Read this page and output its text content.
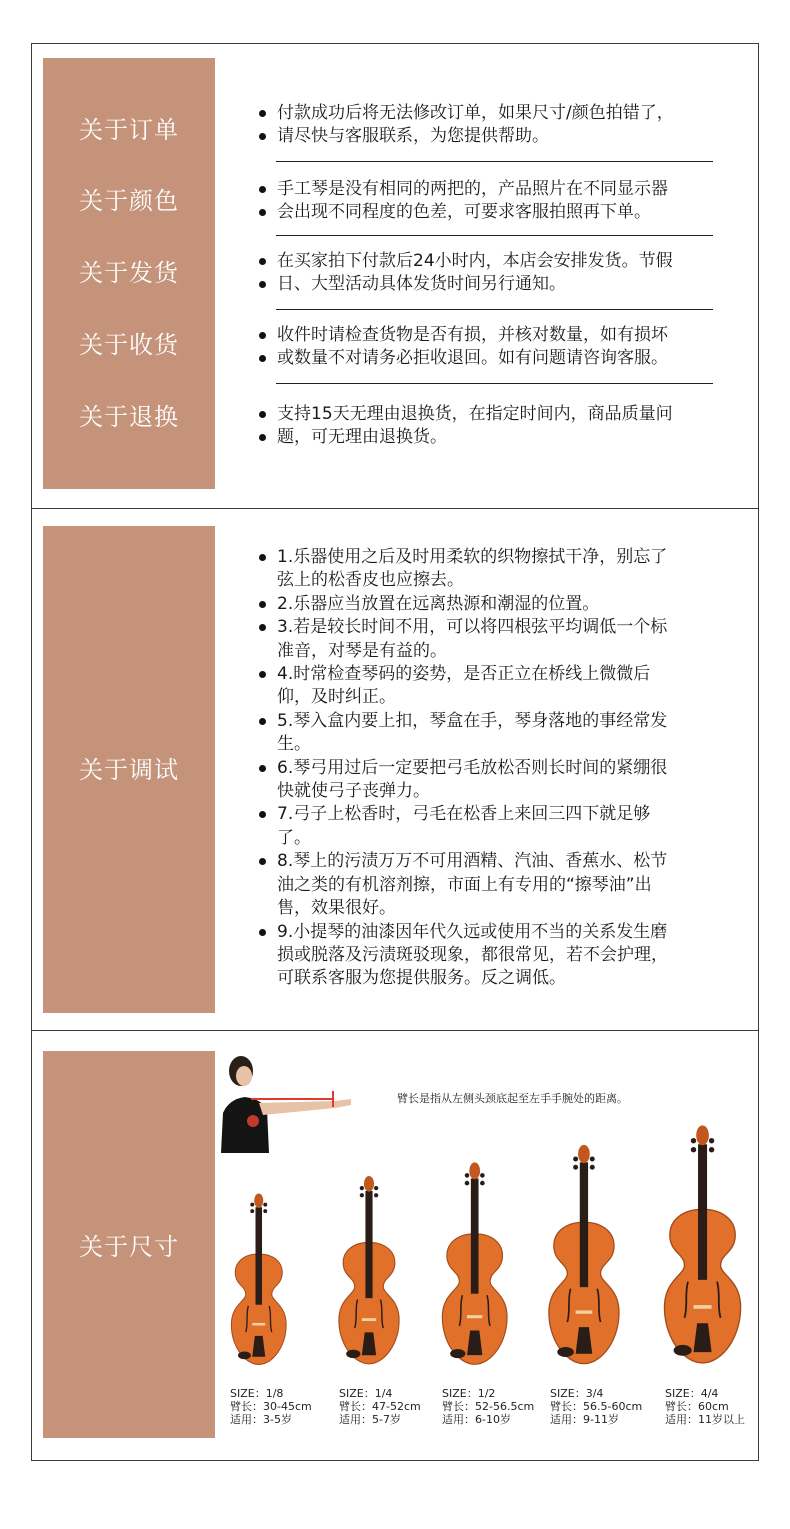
关于订单
关于颜色
关于发货
关于收货
关于退换
付款成功后将无法修改订单，如果尺寸/颜色拍错了，
请尽快与客服联系，为您提供帮助。
手工琴是没有相同的两把的，产品照片在不同显示器
会出现不同程度的色差，可要求客服拍照再下单。
在买家拍下付款后24小时内，本店会安排发货。节假
日、大型活动具体发货时间另行通知。
收件时请检查货物是否有损，并核对数量，如有损坏
或数量不对请务必拒收退回。如有问题请咨询客服。
支持15天无理由退换货，在指定时间内，商品质量问
题，可无理由退换货。
关于调试
1.乐器使用之后及时用柔软的织物擦拭干净，别忘了
弦上的松香皮也应擦去。
2.乐器应当放置在远离热源和潮湿的位置。
3.若是较长时间不用，可以将四根弦平均调低一个标
准音，对琴是有益的。
4.时常检查琴码的姿势，是否正立在桥线上微微后
仰，及时纠正。
5.琴入盒内要上扣，琴盒在手，琴身落地的事经常发
生。
6.琴弓用过后一定要把弓毛放松否则长时间的紧绷很
快就使弓子丧弹力。
7.弓子上松香时，弓毛在松香上来回三四下就足够
了。
8.琴上的污渍万万不可用酒精、汽油、香蕉水、松节
油之类的有机溶剂擦，市面上有专用的“擦琴油”出
售，效果很好。
9.小提琴的油漆因年代久远或使用不当的关系发生磨
损或脱落及污渍斑驳现象，都很常见，若不会护理，
可联系客服为您提供服务。反之调低。
关于尺寸
臂长是指从左侧头颈底起至左手手腕处的距离。
SIZE：1/8
臂长：30-45cm
适用：3-5岁
SIZE：1/4
臂长：47-52cm
适用：5-7岁
SIZE：1/2
臂长：52-56.5cm
适用：6-10岁
SIZE：3/4
臂长：56.5-60cm
适用：9-11岁
SIZE：4/4
臂长：60cm
适用：11岁以上
